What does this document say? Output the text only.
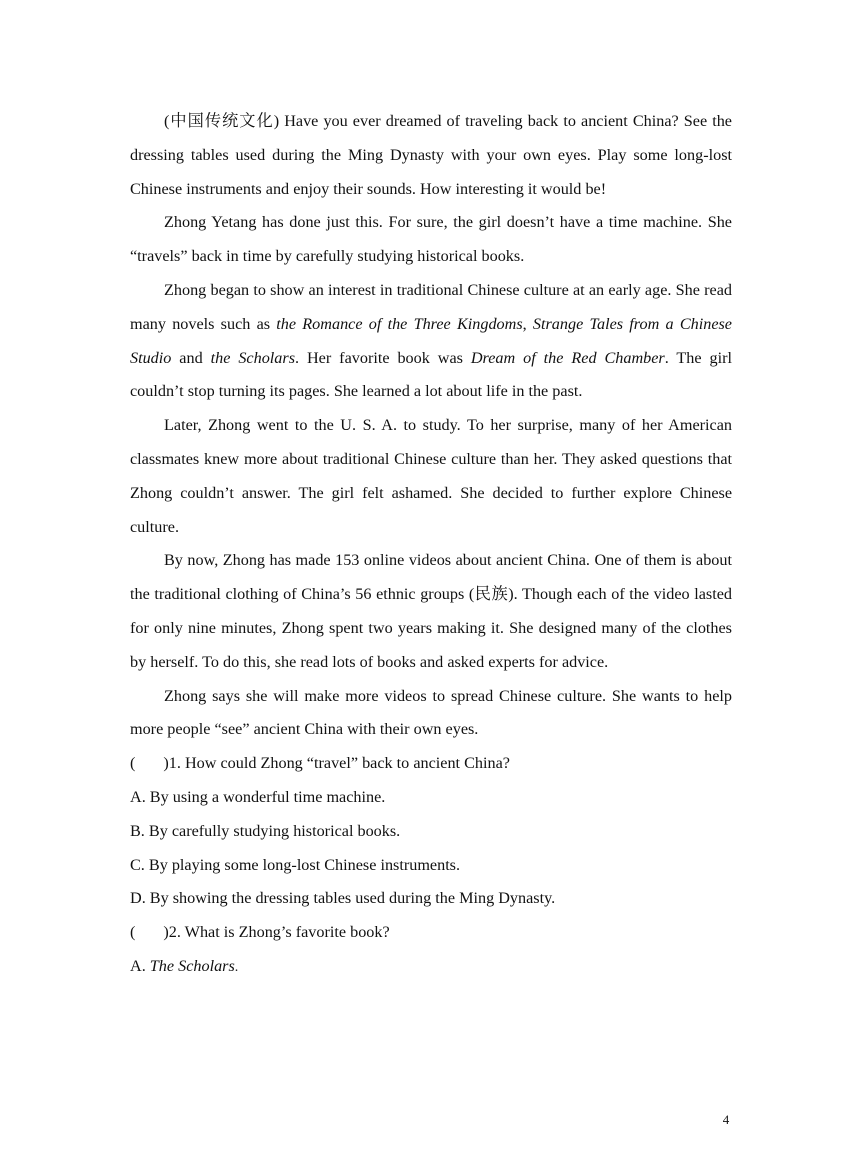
(中国传统文化) Have you ever dreamed of traveling back to ancient China? See the dressing tables used during the Ming Dynasty with your own eyes. Play some long-lost Chinese instruments and enjoy their sounds. How interesting it would be!

Zhong Yetang has done just this. For sure, the girl doesn’t have a time machine. She “travels” back in time by carefully studying historical books.

Zhong began to show an interest in traditional Chinese culture at an early age. She read many novels such as the Romance of the Three Kingdoms, Strange Tales from a Chinese Studio and the Scholars. Her favorite book was Dream of the Red Chamber. The girl couldn’t stop turning its pages. She learned a lot about life in the past.

Later, Zhong went to the U. S. A. to study. To her surprise, many of her American classmates knew more about traditional Chinese culture than her. They asked questions that Zhong couldn’t answer. The girl felt ashamed. She decided to further explore Chinese culture.

By now, Zhong has made 153 online videos about ancient China. One of them is about the traditional clothing of China’s 56 ethnic groups (民族). Though each of the video lasted for only nine minutes, Zhong spent two years making it. She designed many of the clothes by herself. To do this, she read lots of books and asked experts for advice.

Zhong says she will make more videos to spread Chinese culture. She wants to help more people “see” ancient China with their own eyes.

( )1. How could Zhong “travel” back to ancient China?

A. By using a wonderful time machine.

B. By carefully studying historical books.

C. By playing some long-lost Chinese instruments.

D. By showing the dressing tables used during the Ming Dynasty.

( )2. What is Zhong’s favorite book?

A. The Scholars.

4
